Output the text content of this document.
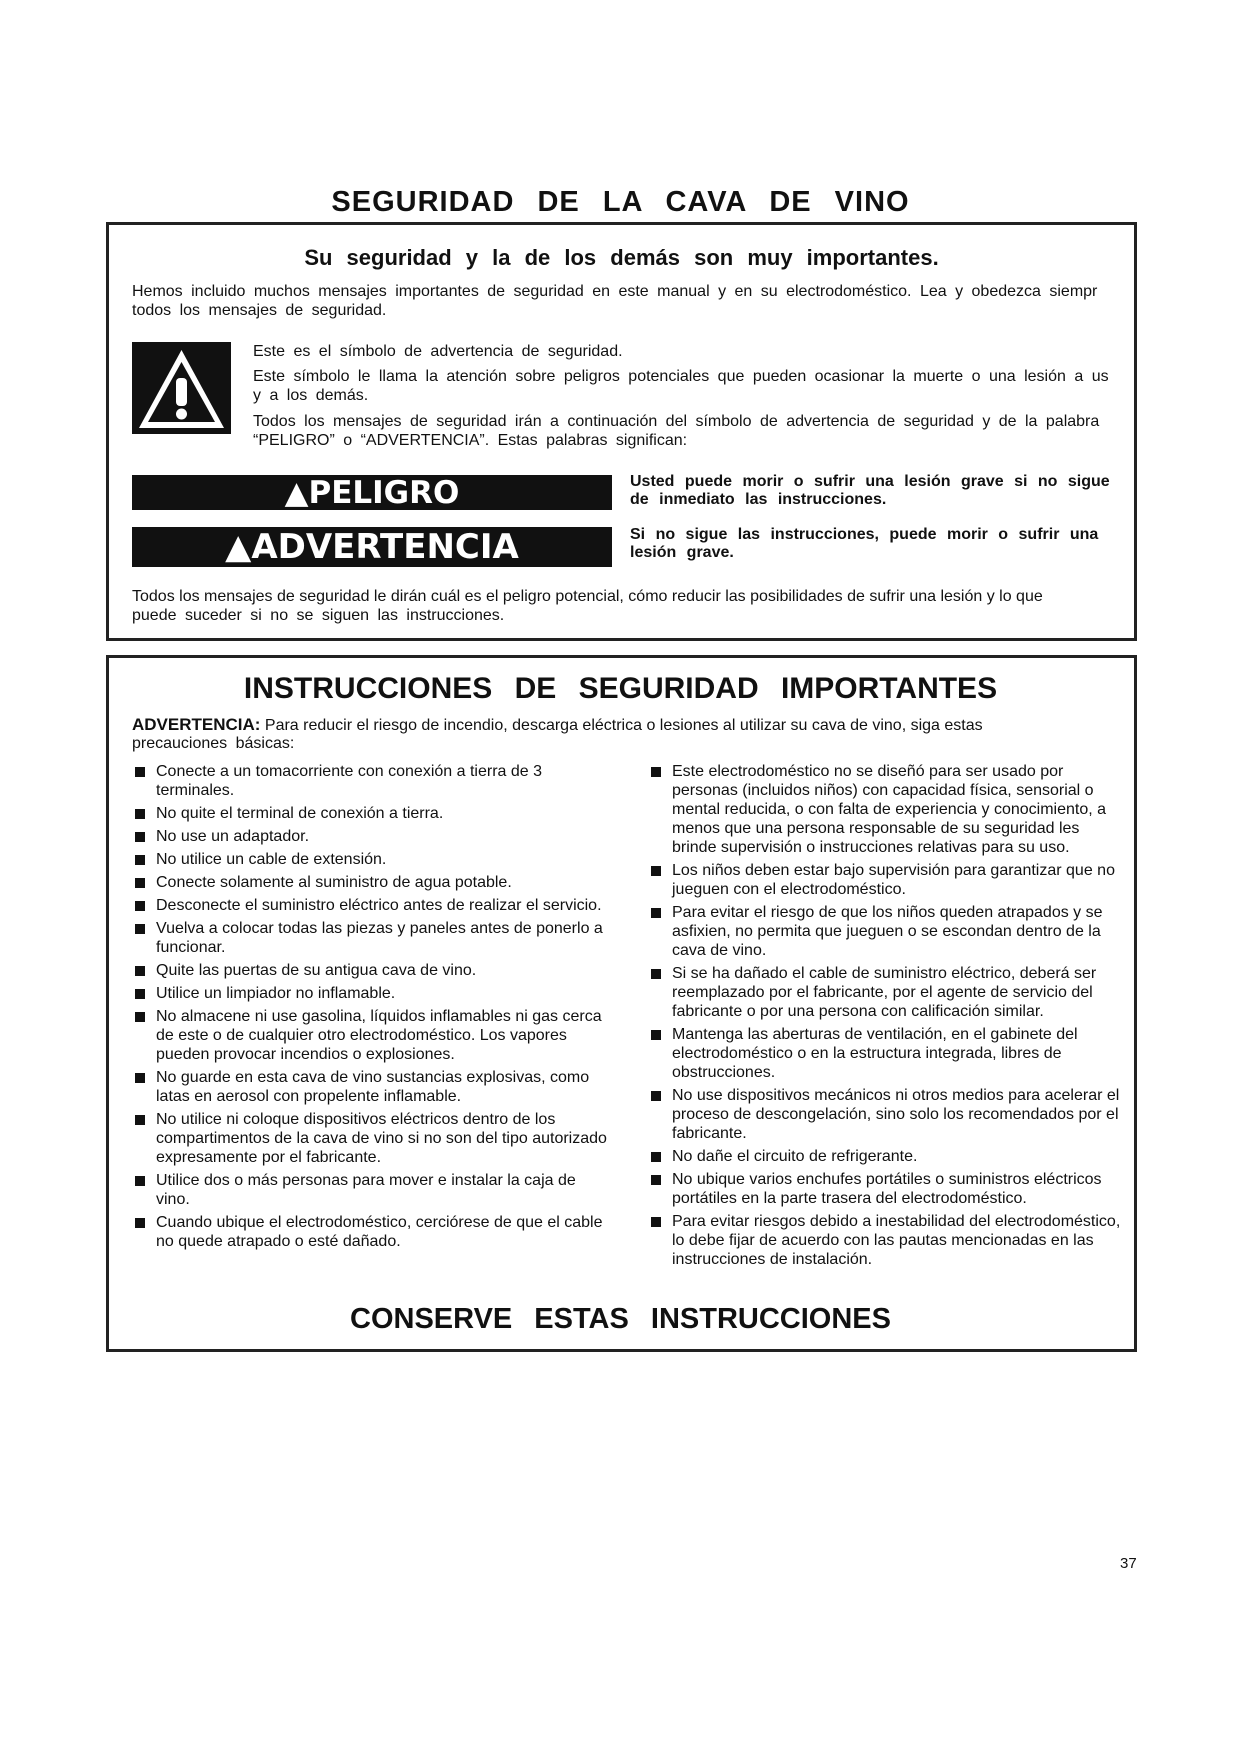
SEGURIDAD DE LA CAVA DE VINO
Su seguridad y la de los demás son muy importantes.
Hemos incluido muchos mensajes importantes de seguridad en este manual y en su electrodoméstico. Lea y obedezca siempr
todos los mensajes de seguridad.
Este es el símbolo de advertencia de seguridad.
Este símbolo le llama la atención sobre peligros potenciales que pueden ocasionar la muerte o una lesión a us
y a los demás.
Todos los mensajes de seguridad irán a continuación del símbolo de advertencia de seguridad y de la palabra
“PELIGRO” o “ADVERTENCIA”. Estas palabras significan:
▲PELIGRO	Usted puede morir o sufrir una lesión grave si no sigue
de inmediato las instrucciones.
▲ADVERTENCIA	Si no sigue las instrucciones, puede morir o sufrir una
lesión grave.
Todos los mensajes de seguridad le dirán cuál es el peligro potencial, cómo reducir las posibilidades de sufrir una lesión y lo que
puede suceder si no se siguen las instrucciones.
INSTRUCCIONES DE SEGURIDAD IMPORTANTES
ADVERTENCIA: Para reducir el riesgo de incendio, descarga eléctrica o lesiones al utilizar su cava de vino, siga estas
precauciones básicas:
Conecte a un tomacorriente con conexión a tierra de 3 terminales.
No quite el terminal de conexión a tierra.
No use un adaptador.
No utilice un cable de extensión.
Conecte solamente al suministro de agua potable.
Desconecte el suministro eléctrico antes de realizar el servicio.
Vuelva a colocar todas las piezas y paneles antes de ponerlo a funcionar.
Quite las puertas de su antigua cava de vino.
Utilice un limpiador no inflamable.
No almacene ni use gasolina, líquidos inflamables ni gas cerca de este o de cualquier otro electrodoméstico. Los vapores pueden provocar incendios o explosiones.
No guarde en esta cava de vino sustancias explosivas, como latas en aerosol con propelente inflamable.
No utilice ni coloque dispositivos eléctricos dentro de los compartimentos de la cava de vino si no son del tipo autorizado expresamente por el fabricante.
Utilice dos o más personas para mover e instalar la caja de vino.
Cuando ubique el electrodoméstico, cerciórese de que el cable no quede atrapado o esté dañado.
Este electrodoméstico no se diseñó para ser usado por personas (incluidos niños) con capacidad física, sensorial o mental reducida, o con falta de experiencia y conocimiento, a menos que una persona responsable de su seguridad les brinde supervisión o instrucciones relativas para su uso.
Los niños deben estar bajo supervisión para garantizar que no jueguen con el electrodoméstico.
Para evitar el riesgo de que los niños queden atrapados y se asfixien, no permita que jueguen o se escondan dentro de la cava de vino.
Si se ha dañado el cable de suministro eléctrico, deberá ser reemplazado por el fabricante, por el agente de servicio del fabricante o por una persona con calificación similar.
Mantenga las aberturas de ventilación, en el gabinete del electrodoméstico o en la estructura integrada, libres de obstrucciones.
No use dispositivos mecánicos ni otros medios para acelerar el proceso de descongelación, sino solo los recomendados por el fabricante.
No dañe el circuito de refrigerante.
No ubique varios enchufes portátiles o suministros eléctricos portátiles en la parte trasera del electrodoméstico.
Para evitar riesgos debido a inestabilidad del electrodoméstico, lo debe fijar de acuerdo con las pautas mencionadas en las instrucciones de instalación.
CONSERVE ESTAS INSTRUCCIONES
37
